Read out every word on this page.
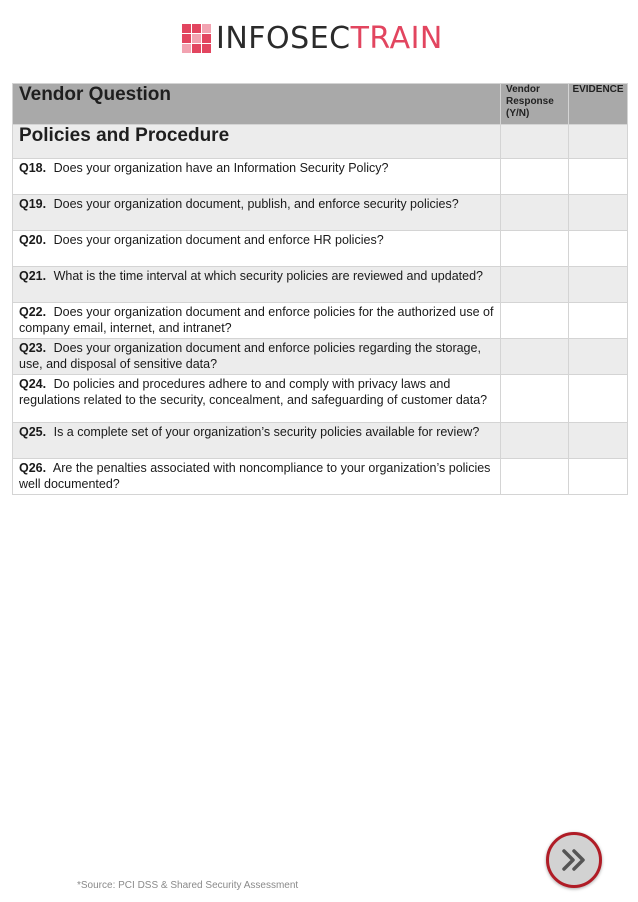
INFOSECTRAIN
Vendor Question	Vendor Response (Y/N)	EVIDENCE
Policies and Procedure		
Q18. Does your organization have an Information Security Policy?		
Q19. Does your organization document, publish, and enforce security policies?		
Q20. Does your organization document and enforce HR policies?		
Q21. What is the time interval at which security policies are reviewed and updated?		
Q22. Does your organization document and enforce policies for the authorized use of company email, internet, and intranet?		
Q23. Does your organization document and enforce policies regarding the storage, use, and disposal of sensitive data?		
Q24. Do policies and procedures adhere to and comply with privacy laws and regulations related to the security, concealment, and safeguarding of customer data?		
Q25. Is a complete set of your organization’s security policies available for review?		
Q26. Are the penalties associated with noncompliance to your organization’s policies well documented?		
*Source: PCI DSS & Shared Security Assessment
